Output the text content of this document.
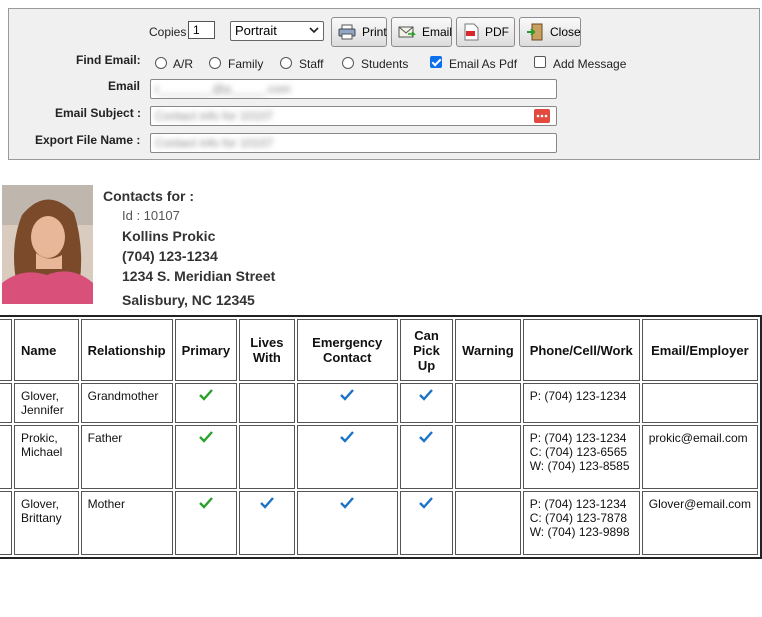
Copies
1	Portrait	Print	Email	PDF	Close
Find Email:	A/R	Family	Staff	Students	Email As Pdf	Add Message
Email	r________@p_____.com
Email Subject :	Contact info for 10107
Export File Name :	Contact info for 10107
Contacts for :
Id : 10107
Kollins Prokic
(704) 123-1234
1234 S. Meridian Street
Salisbury, NC 12345
	Name	Relationship	Primary	Lives
With	Emergency
Contact	Can
Pick
Up	Warning	Phone/Cell/Work	Email/Employer

	Glover,
Jennifer	Grandmother						P: (704) 123-1234	

	Prokic,
Michael	Father						P: (704) 123-1234
C: (704) 123-6565
W: (704) 123-8585	prokic@email.com

	Glover,
Brittany	Mother						P: (704) 123-1234
C: (704) 123-7878
W: (704) 123-9898	Glover@email.com
